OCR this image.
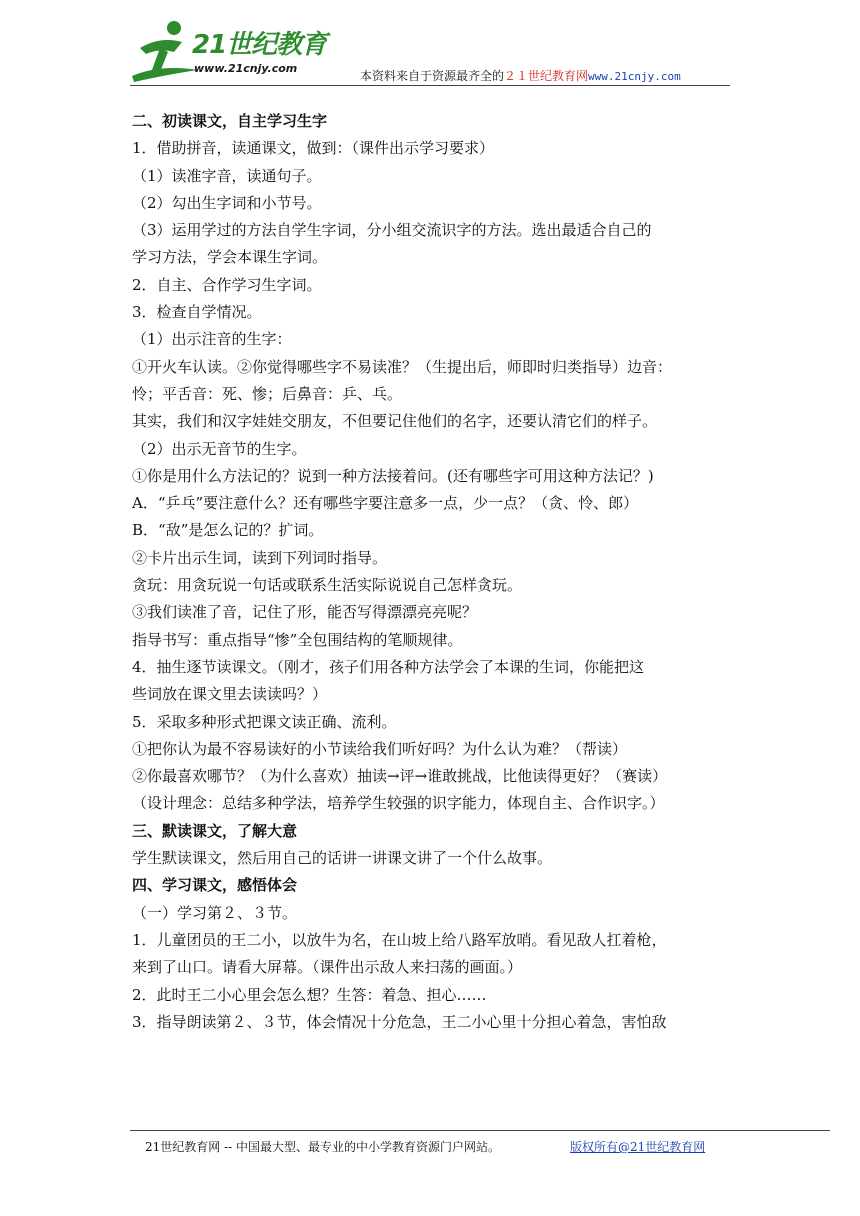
21世纪教育
www.21cnjy.com
本资料来自于资源最齐全的２１世纪教育网www.21cnjy.com
二、初读课文，自主学习生字
1．借助拼音，读通课文，做到：（课件出示学习要求）
（1）读准字音，读通句子。
（2）勾出生字词和小节号。
（3）运用学过的方法自学生字词，分小组交流识字的方法。选出最适合自己的
学习方法，学会本课生字词。
2．自主、合作学习生字词。
3．检查自学情况。
（1）出示注音的生字：
①开火车认读。②你觉得哪些字不易读准？（生提出后，师即时归类指导）边音：
怜；平舌音：死、惨；后鼻音：乒、乓。
其实，我们和汉字娃娃交朋友，不但要记住他们的名字，还要认清它们的样子。
（2）出示无音节的生字。
①你是用什么方法记的？说到一种方法接着问。(还有哪些字可用这种方法记？)
A．“乒乓”要注意什么？还有哪些字要注意多一点，少一点？（贪、怜、郎）
B．“敌”是怎么记的？扩词。
②卡片出示生词，读到下列词时指导。
贪玩：用贪玩说一句话或联系生活实际说说自己怎样贪玩。
③我们读准了音，记住了形，能否写得漂漂亮亮呢？
指导书写：重点指导“惨”全包围结构的笔顺规律。
4．抽生逐节读课文。（刚才，孩子们用各种方法学会了本课的生词，你能把这
些词放在课文里去读读吗？）
5．采取多种形式把课文读正确、流利。
①把你认为最不容易读好的小节读给我们听好吗？为什么认为难？（帮读）
②你最喜欢哪节？（为什么喜欢）抽读→评→谁敢挑战，比他读得更好？（赛读）
（设计理念：总结多种学法，培养学生较强的识字能力，体现自主、合作识字。）
三、默读课文，了解大意
学生默读课文，然后用自己的话讲一讲课文讲了一个什么故事。
四、学习课文，感悟体会
（一）学习第２、３节。
1．儿童团员的王二小，以放牛为名，在山坡上给八路军放哨。看见敌人扛着枪，
来到了山口。请看大屏幕。（课件出示敌人来扫荡的画面。）
2．此时王二小心里会怎么想？生答：着急、担心……
3．指导朗读第２、３节，体会情况十分危急，王二小心里十分担心着急，害怕敌
21世纪教育网 -- 中国最大型、最专业的中小学教育资源门户网站。	版权所有@21世纪教育网
